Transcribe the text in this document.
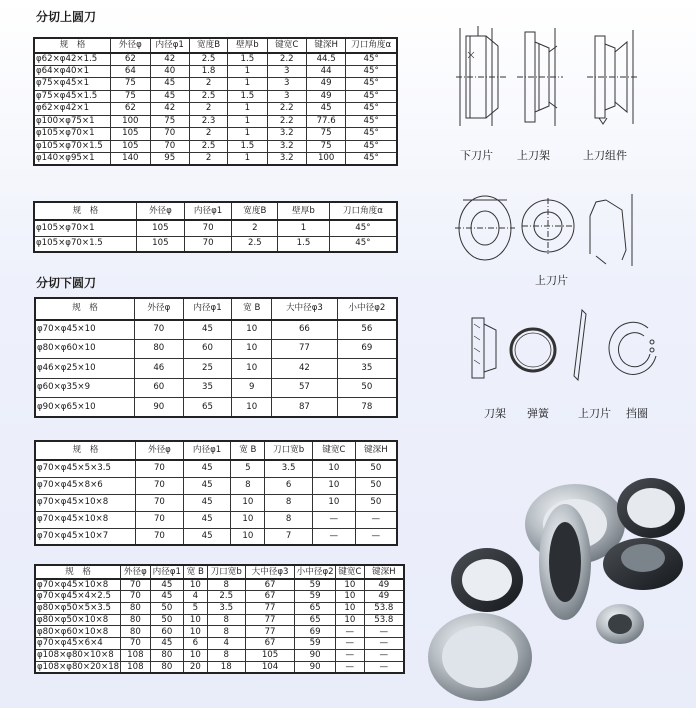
分切上圆刀
分切下圆刀
规　格	外径φ	内径φ1	宽度B	壁厚b	键宽C	键深H	刀口角度α
φ62×φ42×1.5	62	42	2.5	1.5	2.2	44.5	45°
φ64×φ40×1	64	40	1.8	1	3	44	45°
φ75×φ45×1	75	45	2	1	3	49	45°
φ75×φ45×1.5	75	45	2.5	1.5	3	49	45°
φ62×φ42×1	62	42	2	1	2.2	45	45°
φ100×φ75×1	100	75	2.3	1	2.2	77.6	45°
φ105×φ70×1	105	70	2	1	3.2	75	45°
φ105×φ70×1.5	105	70	2.5	1.5	3.2	75	45°
φ140×φ95×1	140	95	2	1	3.2	100	45°
规　格	外径φ	内径φ1	宽度B	壁厚b	刀口角度α
φ105×φ70×1	105	70	2	1	45°
φ105×φ70×1.5	105	70	2.5	1.5	45°
规　格	外径φ	内径φ1	宽 B	大中径φ3	小中径φ2
φ70×φ45×10	70	45	10	66	56
φ80×φ60×10	80	60	10	77	69
φ46×φ25×10	46	25	10	42	35
φ60×φ35×9	60	35	9	57	50
φ90×φ65×10	90	65	10	87	78
规　格	外径φ	内径φ1	宽 B	刀口宽b	键宽C	键深H
φ70×φ45×5×3.5	70	45	5	3.5	10	50
φ70×φ45×8×6	70	45	8	6	10	50
φ70×φ45×10×8	70	45	10	8	10	50
φ70×φ45×10×8	70	45	10	8	—	—
φ70×φ45×10×7	70	45	10	7	—	—
规　格	外径φ	内径φ1	宽 B	刀口宽b	大中径φ3	小中径φ2	键宽C	键深H
φ70×φ45×10×8	70	45	10	8	67	59	10	49
φ70×φ45×4×2.5	70	45	4	2.5	67	59	10	49
φ80×φ50×5×3.5	80	50	5	3.5	77	65	10	53.8
φ80×φ50×10×8	80	50	10	8	77	65	10	53.8
φ80×φ60×10×8	80	60	10	8	77	69	—	—
φ70×φ45×6×4	70	45	6	4	67	59	—	—
φ108×φ80×10×8	108	80	10	8	105	90	—	—
φ108×φ80×20×18	108	80	20	18	104	90	—	—
下刀片 上刀架	上刀组件
上刀片
刀架 弹簧	上刀片 挡圈
